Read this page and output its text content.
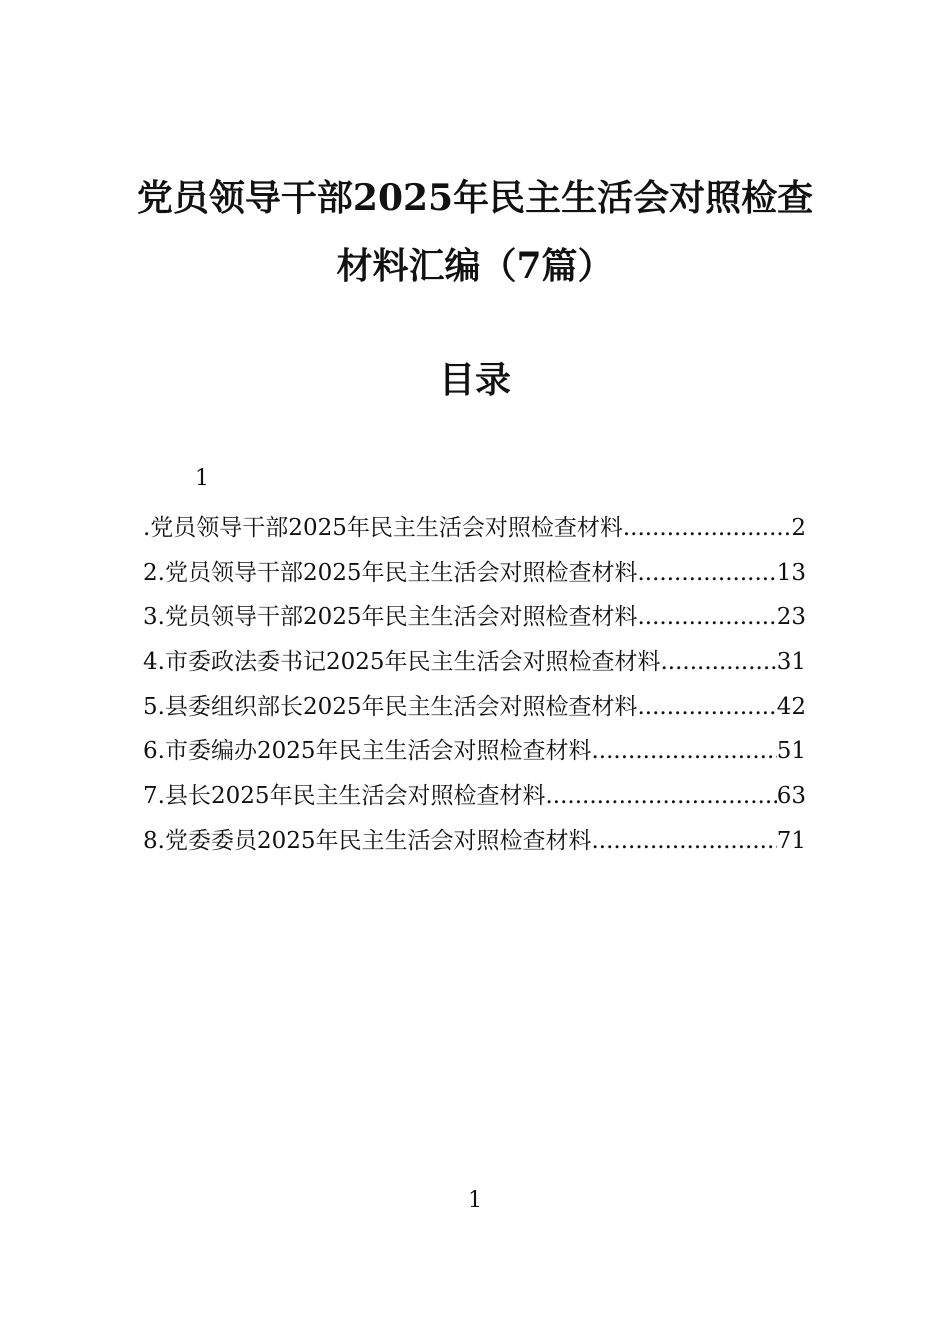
党员领导干部2025年民主生活会对照检查
材料汇编（7篇）
目录
1
.党员领导干部2025年民主生活会对照检查材料 .....	2
2.党员领导干部2025年民主生活会对照检查材料 .....	13
3.党员领导干部2025年民主生活会对照检查材料 .....	23
4.市委政法委书记2025年民主生活会对照检查材料 .....	31
5.县委组织部长2025年民主生活会对照检查材料 .....	42
6.市委编办2025年民主生活会对照检查材料 .....	51
7.县长2025年民主生活会对照检查材料 .....	63
8.党委委员2025年民主生活会对照检查材料 .....	71
1
